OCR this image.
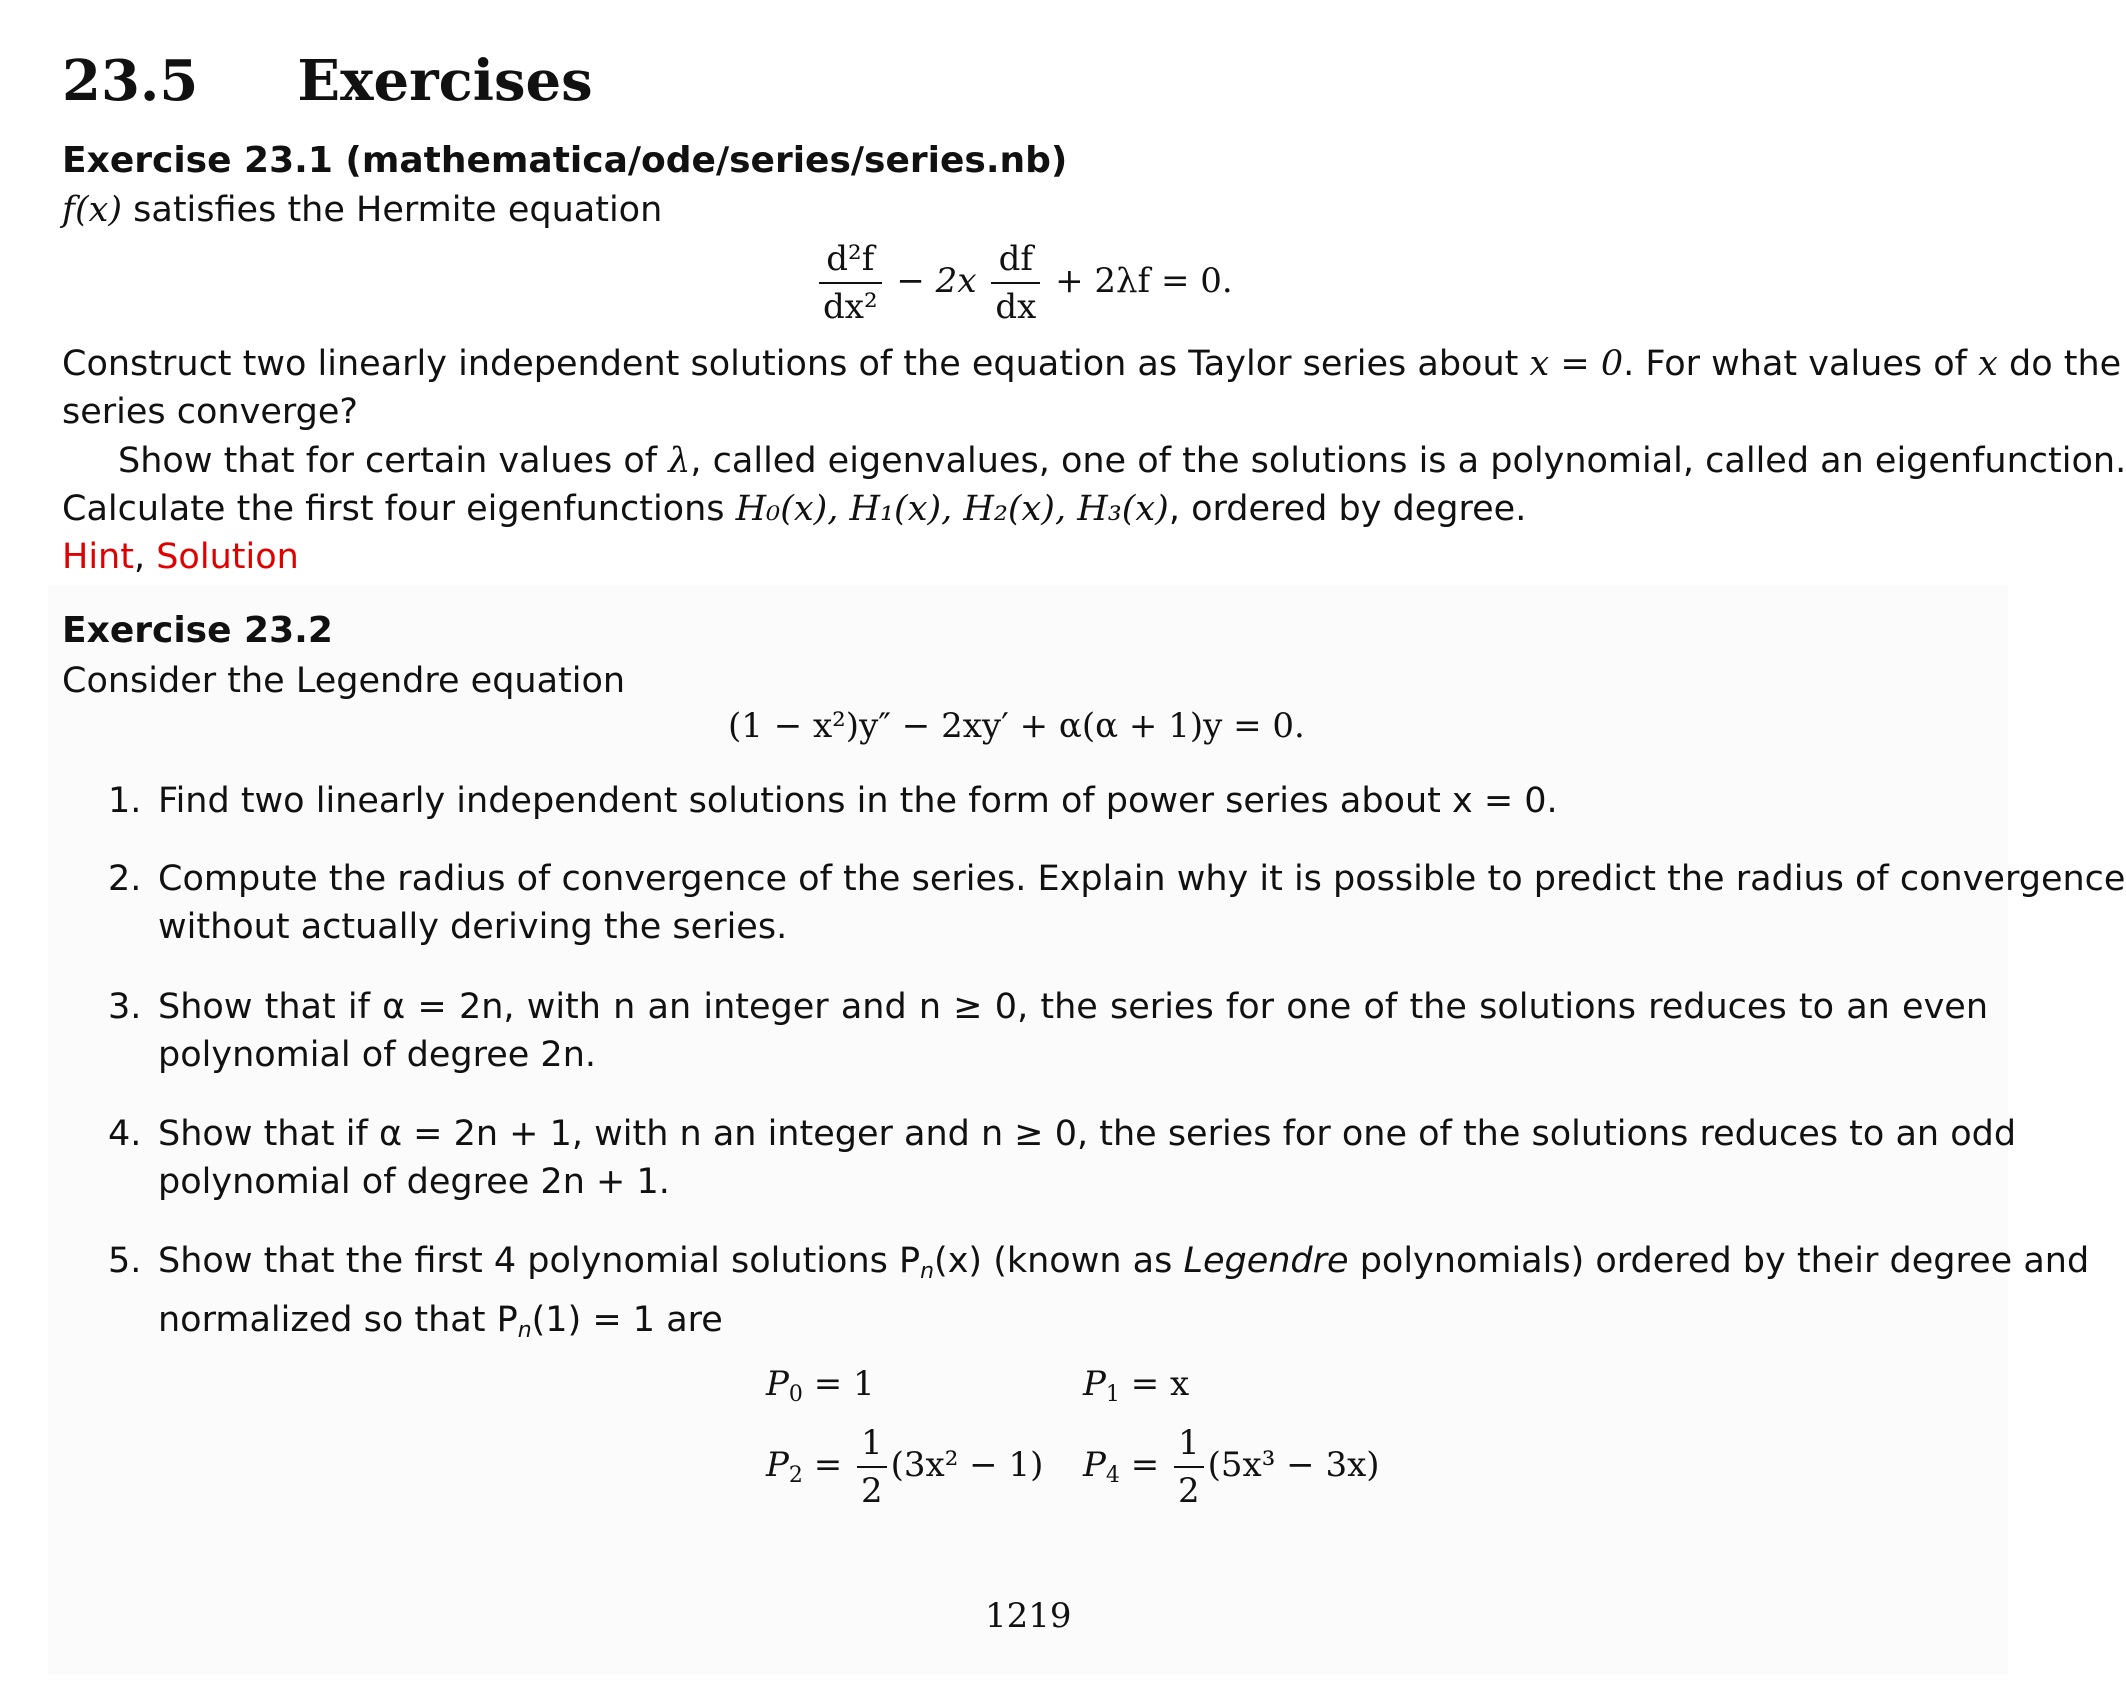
23.5 Exercises
Exercise 23.1 (mathematica/ode/series/series.nb)
f(x) satisfies the Hermite equation
$\frac{\text{d²f}}{\text{dx²}} - 2x \frac{df}{dx} + 2\lambda f = 0$.
Construct two linearly independent solutions of the equation as Taylor series about x = 0. For what values of x do the
series converge?
Show that for certain values of λ, called eigenvalues, one of the solutions is a polynomial, called an eigenfunction.
Calculate the first four eigenfunctions H₀(x), H₁(x), H₂(x), H₃(x), ordered by degree.
Hint, Solution
Exercise 23.2
Consider the Legendre equation
(1 − x²)y″ − 2xy′ + α(α + 1)y = 0.
1. Find two linearly independent solutions in the form of power series about x = 0.
2. Compute the radius of convergence of the series. Explain why it is possible to predict the radius of convergence
without actually deriving the series.
3. Show that if α = 2n, with n an integer and n ≥ 0, the series for one of the solutions reduces to an even
polynomial of degree 2n.
4. Show that if α = 2n + 1, with n an integer and n ≥ 0, the series for one of the solutions reduces to an odd
polynomial of degree 2n + 1.
5. Show that the first 4 polynomial solutions $P_n(x)$ (known as Legendre polynomials) ordered by their degree and
normalized so that $P_n(1) = 1$ are
$P_0 = 1$	$P_1 = x$
$P_2 = \frac{1}{2} (3x^2 - 1) P_4 = \frac{1}{2} (5x^3 - 3x)$
1219
